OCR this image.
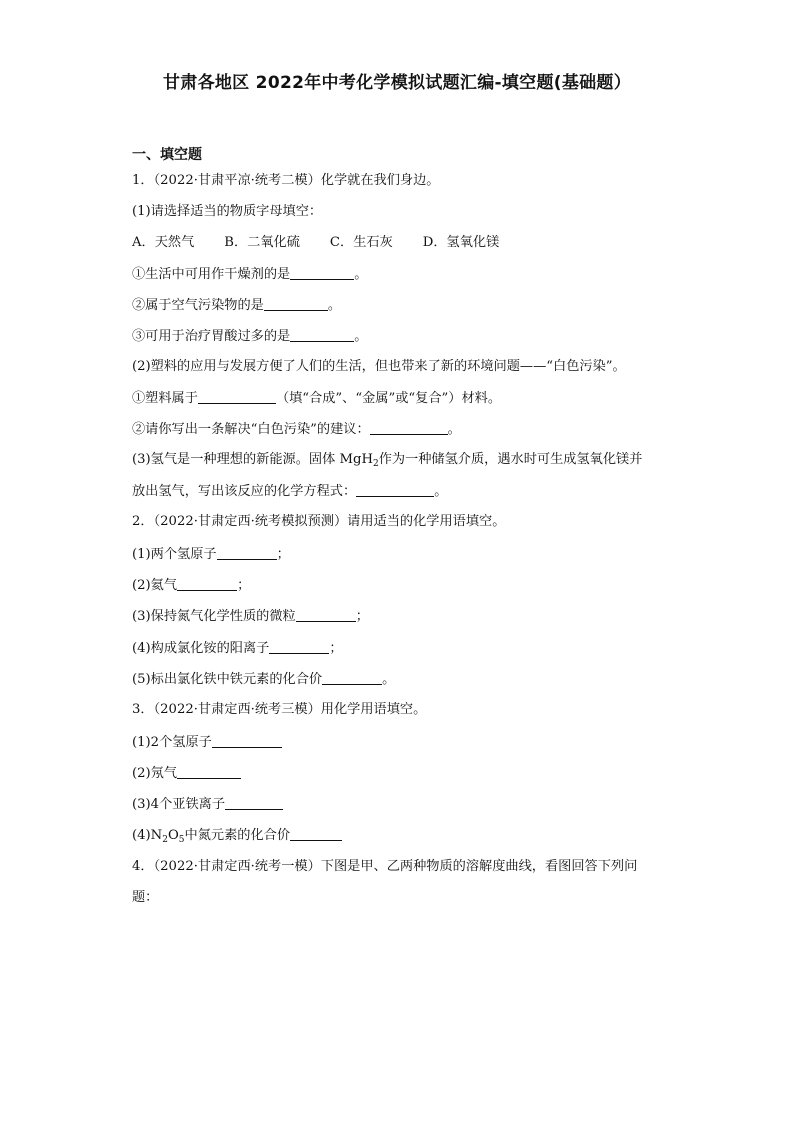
甘肃各地区 2022年中考化学模拟试题汇编-填空题(基础题）
一、填空题
1．（2022·甘肃平凉·统考二模）化学就在我们身边。
(1)请选择适当的物质字母填空：
A．天然气 B．二氧化硫 C．生石灰 D．氢氧化镁
①生活中可用作干燥剂的是	。
②属于空气污染物的是	。
③可用于治疗胃酸过多的是	。
(2)塑料的应用与发展方便了人们的生活，但也带来了新的环境问题——“白色污染”。
①塑料属于	（填“合成”、“金属”或“复合”）材料。
②请你写出一条解决“白色污染”的建议：	。
(3)氢气是一种理想的新能源。固体 MgH$_2$作为一种储氢介质，遇水时可生成氢氧化镁并
放出氢气，写出该反应的化学方程式：	。
2．（2022·甘肃定西·统考模拟预测）请用适当的化学用语填空。
(1)两个氢原子	；
(2)氦气	；
(3)保持氮气化学性质的微粒	；
(4)构成氯化铵的阳离子	；
(5)标出氯化铁中铁元素的化合价	。
3．（2022·甘肃定西·统考三模）用化学用语填空。
(1)2个氢原子
(2)氖气
(3)4个亚铁离子
$(4)N_2O_5$中氮元素的化合价
4．（2022·甘肃定西·统考一模）下图是甲、乙两种物质的溶解度曲线，看图回答下列问
题：
